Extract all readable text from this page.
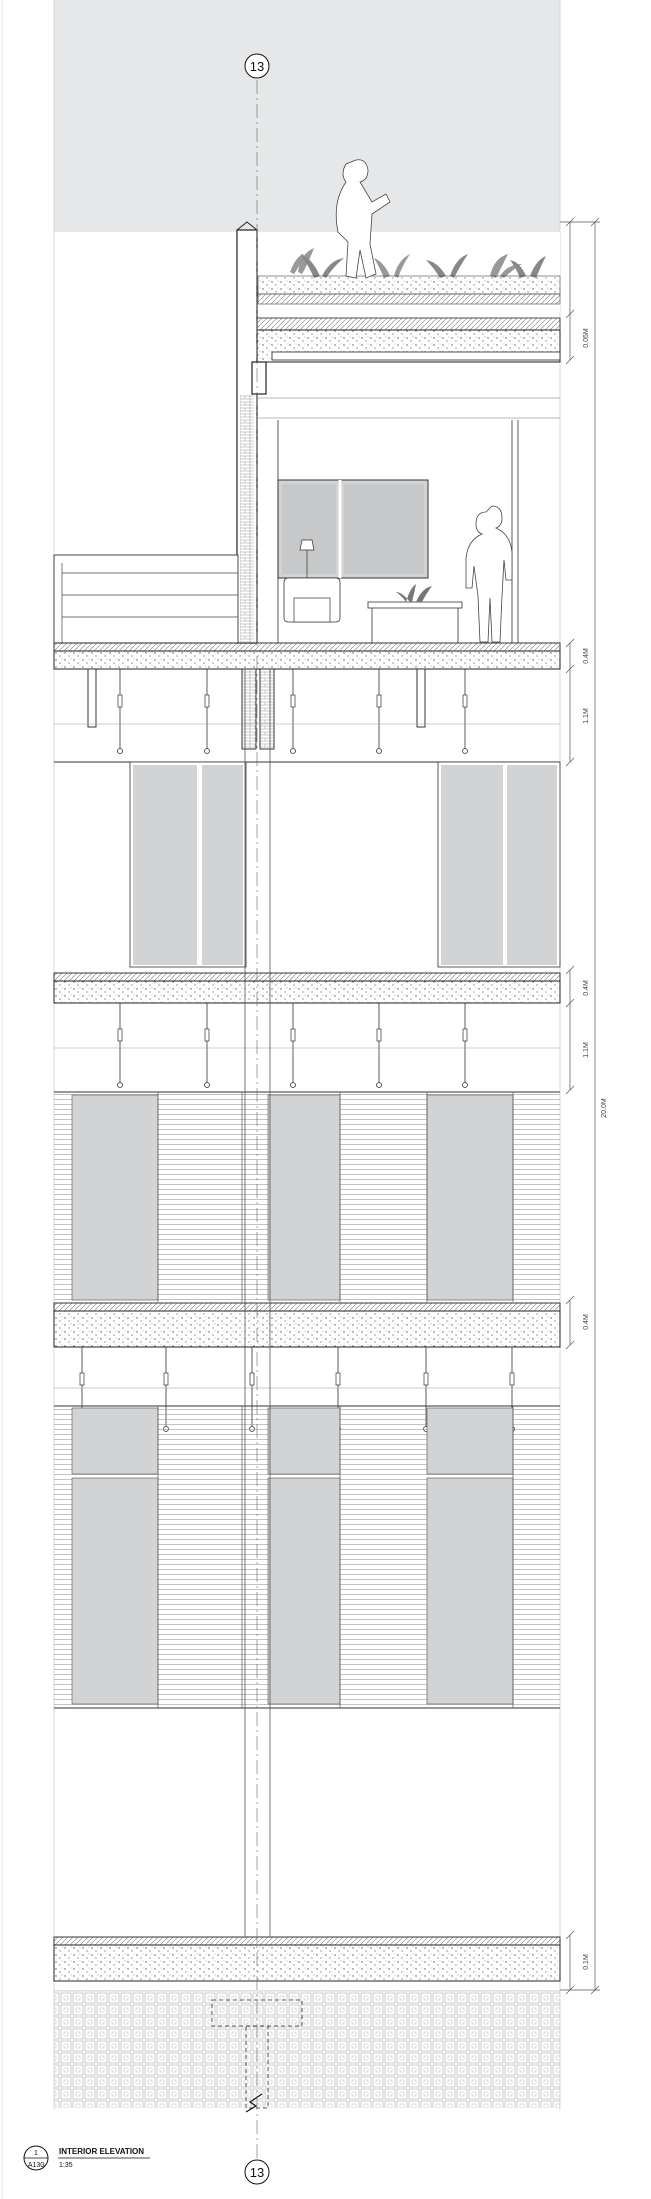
13
13
0.05M
0.4M
1.1M
0.4M
1.1M
20.0M
0.4M
0.1M
1
A130
INTERIOR ELEVATION
1:35
